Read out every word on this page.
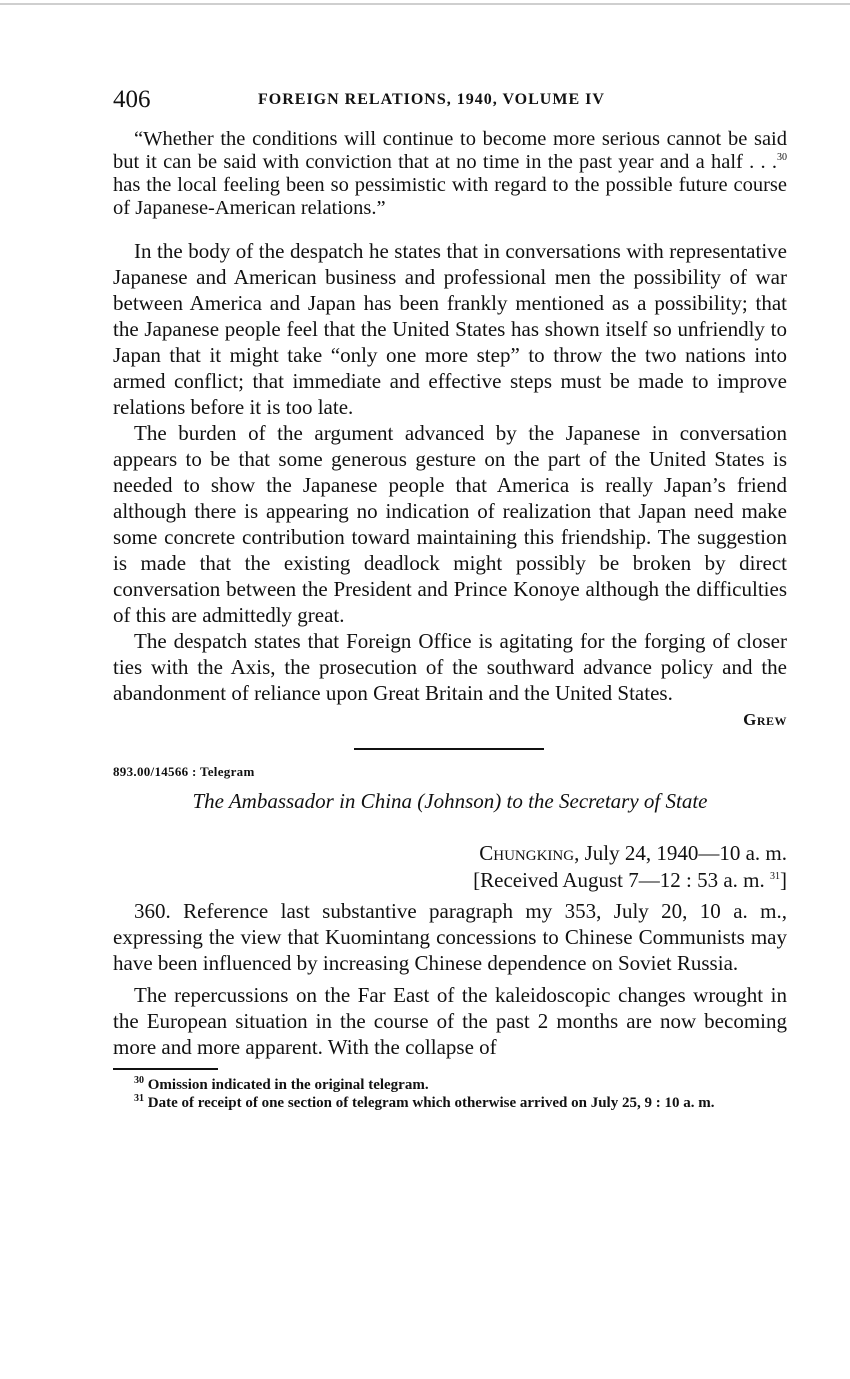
406	FOREIGN RELATIONS, 1940, VOLUME IV

“Whether the conditions will continue to become more serious cannot be said but it can be said with conviction that at no time in the past year and a half . . .$^{30}$ has the local feeling been so pessimistic with regard to the possible future course of Japanese-American relations.”

In the body of the despatch he states that in conversations with representative Japanese and American business and professional men the possibility of war between America and Japan has been frankly mentioned as a possibility; that the Japanese people feel that the United States has shown itself so unfriendly to Japan that it might take “only one more step” to throw the two nations into armed conflict; that immediate and effective steps must be made to improve relations before it is too late.

The burden of the argument advanced by the Japanese in conversation appears to be that some generous gesture on the part of the United States is needed to show the Japanese people that America is really Japan’s friend although there is appearing no indication of realization that Japan need make some concrete contribution toward maintaining this friendship. The suggestion is made that the existing deadlock might possibly be broken by direct conversation between the President and Prince Konoye although the difficulties of this are admittedly great.

The despatch states that Foreign Office is agitating for the forging of closer ties with the Axis, the prosecution of the southward advance policy and the abandonment of reliance upon Great Britain and the United States.

Grew
893.00/14566 : Telegram
The Ambassador in China (Johnson) to the Secretary of State
Chungking, July 24, 1940—10 a. m.
[Received August 7—12 : 53 a. m. $^{31}$]

360. Reference last substantive paragraph my 353, July 20, 10 a. m., expressing the view that Kuomintang concessions to Chinese Communists may have been influenced by increasing Chinese dependence on Soviet Russia.

The repercussions on the Far East of the kaleidoscopic changes wrought in the European situation in the course of the past 2 months are now becoming more and more apparent. With the collapse of

$^{30}$ Omission indicated in the original telegram.
$^{31}$ Date of receipt of one section of telegram which otherwise arrived on July 25, 9 : 10 a. m.
